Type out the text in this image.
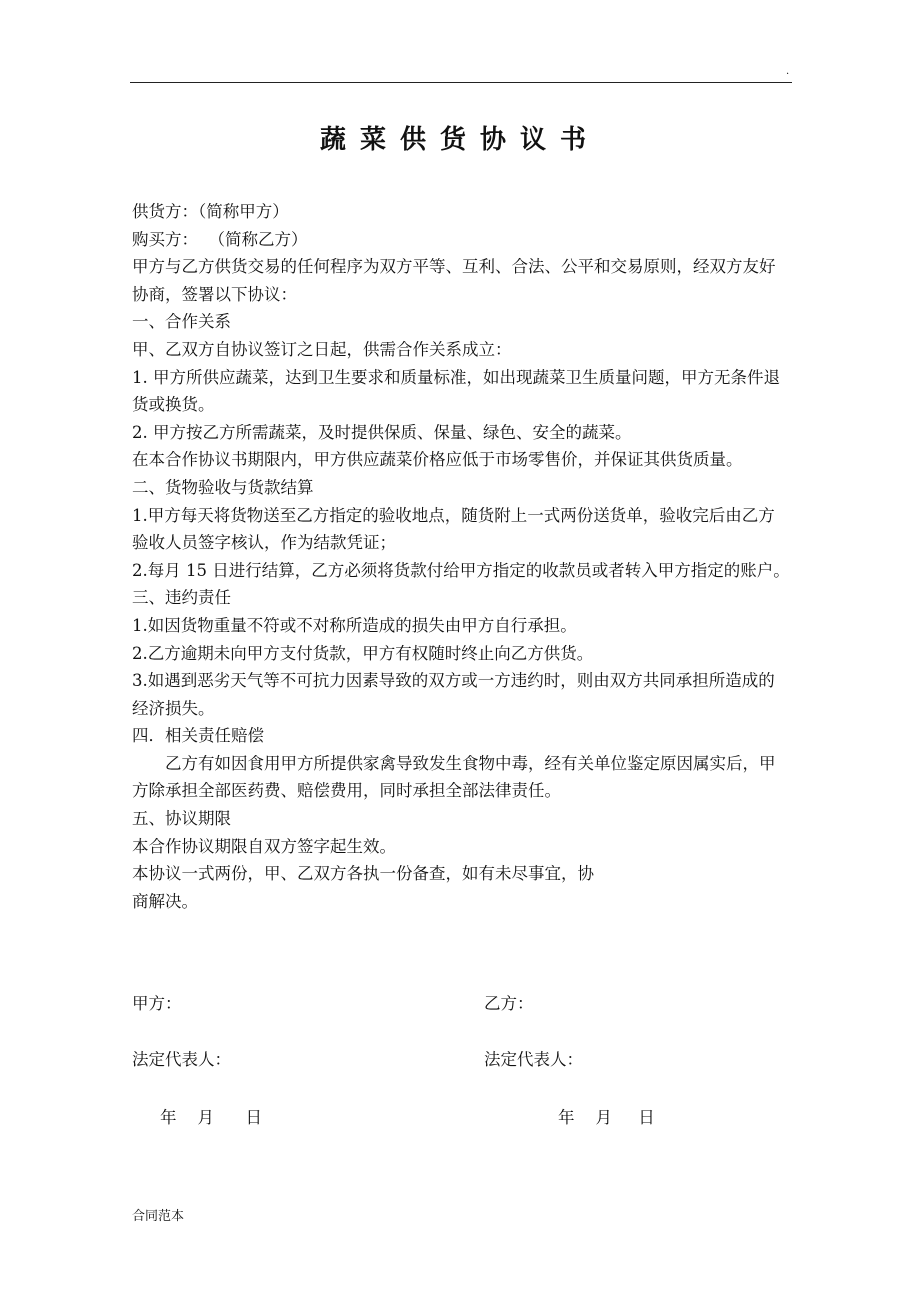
.
蔬菜供货协议书

供货方：（简称甲方）

购买方：  （简称乙方）

甲方与乙方供货交易的任何程序为双方平等、互利、合法、公平和交易原则，经双方友好协商，签署以下协议：

一、合作关系

甲、乙双方自协议签订之日起，供需合作关系成立：

1. 甲方所供应蔬菜，达到卫生要求和质量标准，如出现蔬菜卫生质量问题，甲方无条件退货或换货。

2. 甲方按乙方所需蔬菜，及时提供保质、保量、绿色、安全的蔬菜。

在本合作协议书期限内，甲方供应蔬菜价格应低于市场零售价，并保证其供货质量。

二、货物验收与货款结算

1.甲方每天将货物送至乙方指定的验收地点，随货附上一式两份送货单，验收完后由乙方验收人员签字核认，作为结款凭证；

2.每月 15 日进行结算，乙方必须将货款付给甲方指定的收款员或者转入甲方指定的账户。

三、违约责任

1.如因货物重量不符或不对称所造成的损失由甲方自行承担。

2.乙方逾期未向甲方支付货款，甲方有权随时终止向乙方供货。

3.如遇到恶劣天气等不可抗力因素导致的双方或一方违约时，则由双方共同承担所造成的经济损失。

四．相关责任赔偿

乙方有如因食用甲方所提供家禽导致发生食物中毒，经有关单位鉴定原因属实后，甲方除承担全部医药费、赔偿费用，同时承担全部法律责任。

五、协议期限

本合作协议期限自双方签字起生效。

本协议一式两份，甲、乙双方各执一份备查，如有未尽事宜，协

商解决。

甲方：	乙方：
法定代表人：	法定代表人：
年    月      日	年    月     日
合同范本
